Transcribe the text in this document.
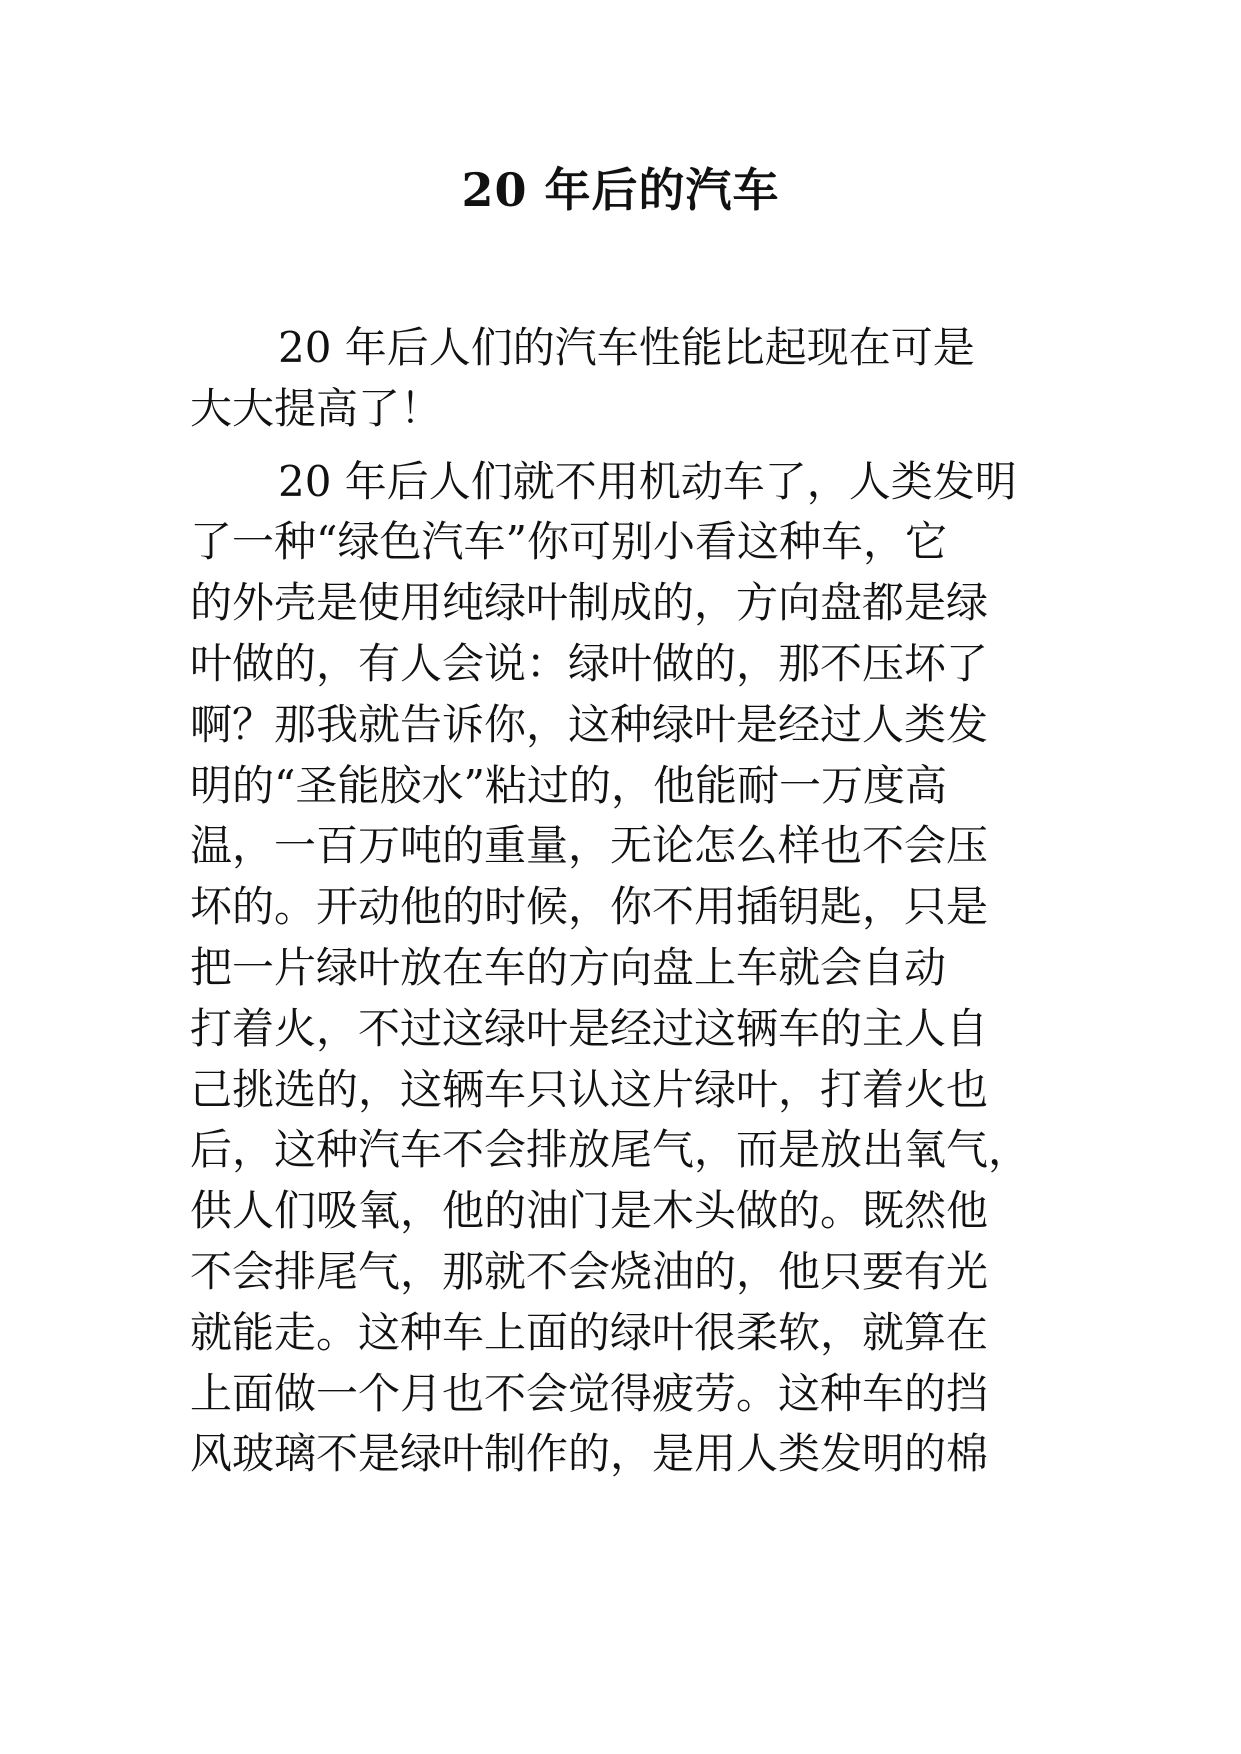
20 年后的汽车
20 年后人们的汽车性能比起现在可是
大大提高了！
20 年后人们就不用机动车了，人类发明
了一种“绿色汽车”你可别小看这种车，它
的外壳是使用纯绿叶制成的，方向盘都是绿
叶做的，有人会说：绿叶做的，那不压坏了
啊？那我就告诉你，这种绿叶是经过人类发
明的“圣能胶水”粘过的，他能耐一万度高
温，一百万吨的重量，无论怎么样也不会压
坏的。开动他的时候，你不用插钥匙，只是
把一片绿叶放在车的方向盘上车就会自动
打着火，不过这绿叶是经过这辆车的主人自
己挑选的，这辆车只认这片绿叶，打着火也
后，这种汽车不会排放尾气，而是放出氧气，
供人们吸氧，他的油门是木头做的。既然他
不会排尾气，那就不会烧油的，他只要有光
就能走。这种车上面的绿叶很柔软，就算在
上面做一个月也不会觉得疲劳。这种车的挡
风玻璃不是绿叶制作的，是用人类发明的棉
